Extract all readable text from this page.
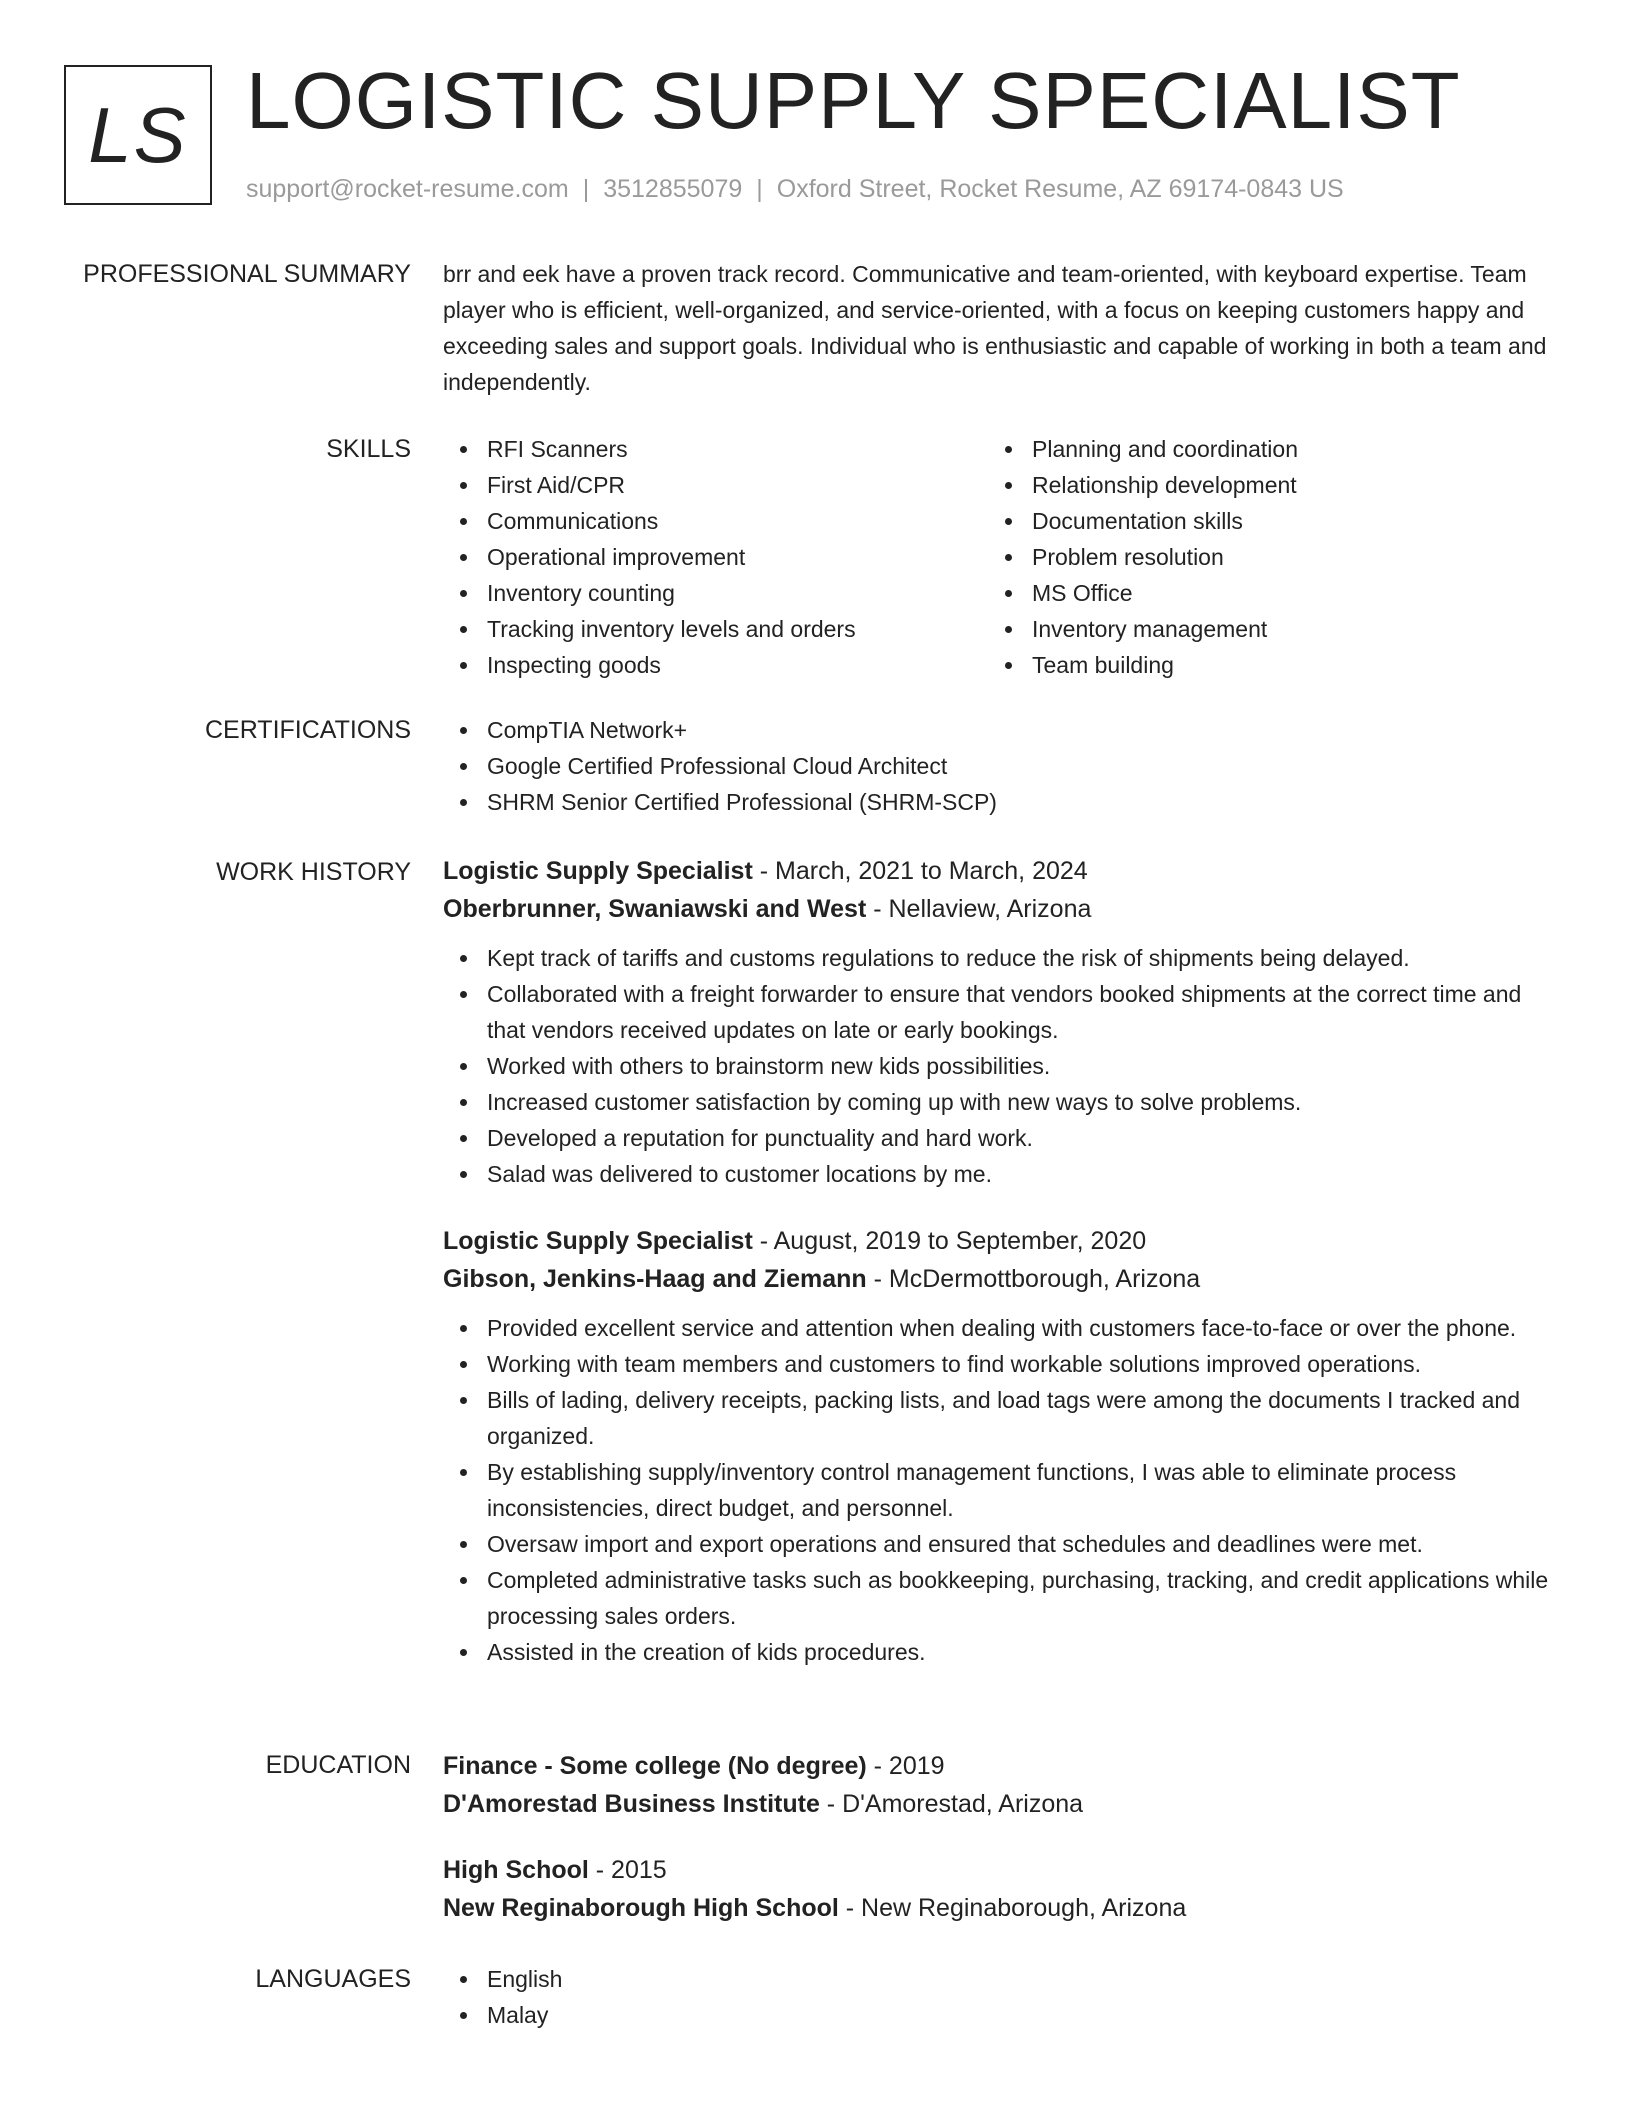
LS LOGISTIC SUPPLY SPECIALIST
support@rocket-resume.com | 3512855079 | Oxford Street, Rocket Resume, AZ 69174-0843 US
PROFESSIONAL SUMMARY brr and eek have a proven track record. Communicative and team-oriented, with keyboard expertise. Team player who is efficient, well-organized, and service-oriented, with a focus on keeping customers happy and exceeding sales and support goals. Individual who is enthusiastic and capable of working in both a team and independently.

SKILLS	RFI Scanners
First Aid/CPR
Communications
Operational improvement
Inventory counting
Tracking inventory levels and orders
Inspecting goods
Planning and coordination
Relationship development
Documentation skills
Problem resolution
MS Office
Inventory management
Team building
CERTIFICATIONS	CompTIA Network+
Google Certified Professional Cloud Architect
SHRM Senior Certified Professional (SHRM-SCP)
WORK HISTORY Logistic Supply Specialist - March, 2021 to March, 2024
Oberbrunner, Swaniawski and West - Nellaview, Arizona
Kept track of tariffs and customs regulations to reduce the risk of shipments being delayed.
Collaborated with a freight forwarder to ensure that vendors booked shipments at the correct time and that vendors received updates on late or early bookings.
Worked with others to brainstorm new kids possibilities.
Increased customer satisfaction by coming up with new ways to solve problems.
Developed a reputation for punctuality and hard work.
Salad was delivered to customer locations by me.
Logistic Supply Specialist - August, 2019 to September, 2020
Gibson, Jenkins-Haag and Ziemann - McDermottborough, Arizona
Provided excellent service and attention when dealing with customers face-to-face or over the phone.
Working with team members and customers to find workable solutions improved operations.
Bills of lading, delivery receipts, packing lists, and load tags were among the documents I tracked and organized.
By establishing supply/inventory control management functions, I was able to eliminate process inconsistencies, direct budget, and personnel.
Oversaw import and export operations and ensured that schedules and deadlines were met.
Completed administrative tasks such as bookkeeping, purchasing, tracking, and credit applications while processing sales orders.
Assisted in the creation of kids procedures.
EDUCATION Finance - Some college (No degree) - 2019
D'Amorestad Business Institute - D'Amorestad, Arizona
High School - 2015
New Reginaborough High School - New Reginaborough, Arizona
LANGUAGES	English
Malay
